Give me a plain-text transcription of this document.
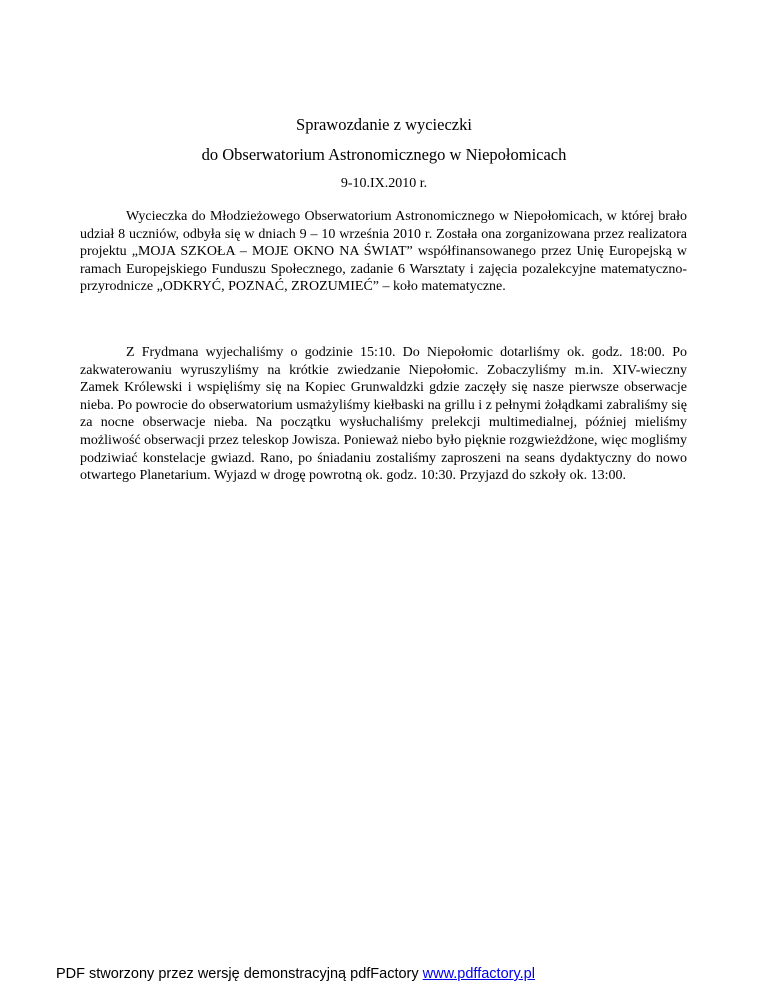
Sprawozdanie z wycieczki
do Obserwatorium Astronomicznego w Niepołomicach
9-10.IX.2010 r.
Wycieczka do Młodzieżowego Obserwatorium Astronomicznego w Niepołomicach, w której brało udział 8 uczniów, odbyła się w dniach 9 – 10 września 2010 r. Została ona zorganizowana przez realizatora projektu „MOJA SZKOŁA – MOJE OKNO NA ŚWIAT” współfinansowanego przez Unię Europejską w ramach Europejskiego Funduszu Społecznego, zadanie 6 Warsztaty i zajęcia pozalekcyjne matematyczno-przyrodnicze „ODKRYĆ, POZNAĆ, ZROZUMIEĆ” – koło matematyczne.
Z Frydmana wyjechaliśmy o godzinie 15:10. Do Niepołomic dotarliśmy ok. godz. 18:00. Po zakwaterowaniu wyruszyliśmy na krótkie zwiedzanie Niepołomic. Zobaczyliśmy m.in. XIV-wieczny Zamek Królewski i wspięliśmy się na Kopiec Grunwaldzki gdzie zaczęły się nasze pierwsze obserwacje nieba. Po powrocie do obserwatorium usmażyliśmy kiełbaski na grillu i z pełnymi żołądkami zabraliśmy się za nocne obserwacje nieba. Na początku wysłuchaliśmy prelekcji multimedialnej, później mieliśmy możliwość obserwacji przez teleskop Jowisza. Ponieważ niebo było pięknie rozgwieżdżone, więc mogliśmy podziwiać konstelacje gwiazd. Rano, po śniadaniu zostaliśmy zaproszeni na seans dydaktyczny do nowo otwartego Planetarium. Wyjazd w drogę powrotną ok. godz. 10:30. Przyjazd do szkoły ok. 13:00.
PDF stworzony przez wersję demonstracyjną pdfFactory www.pdffactory.pl
